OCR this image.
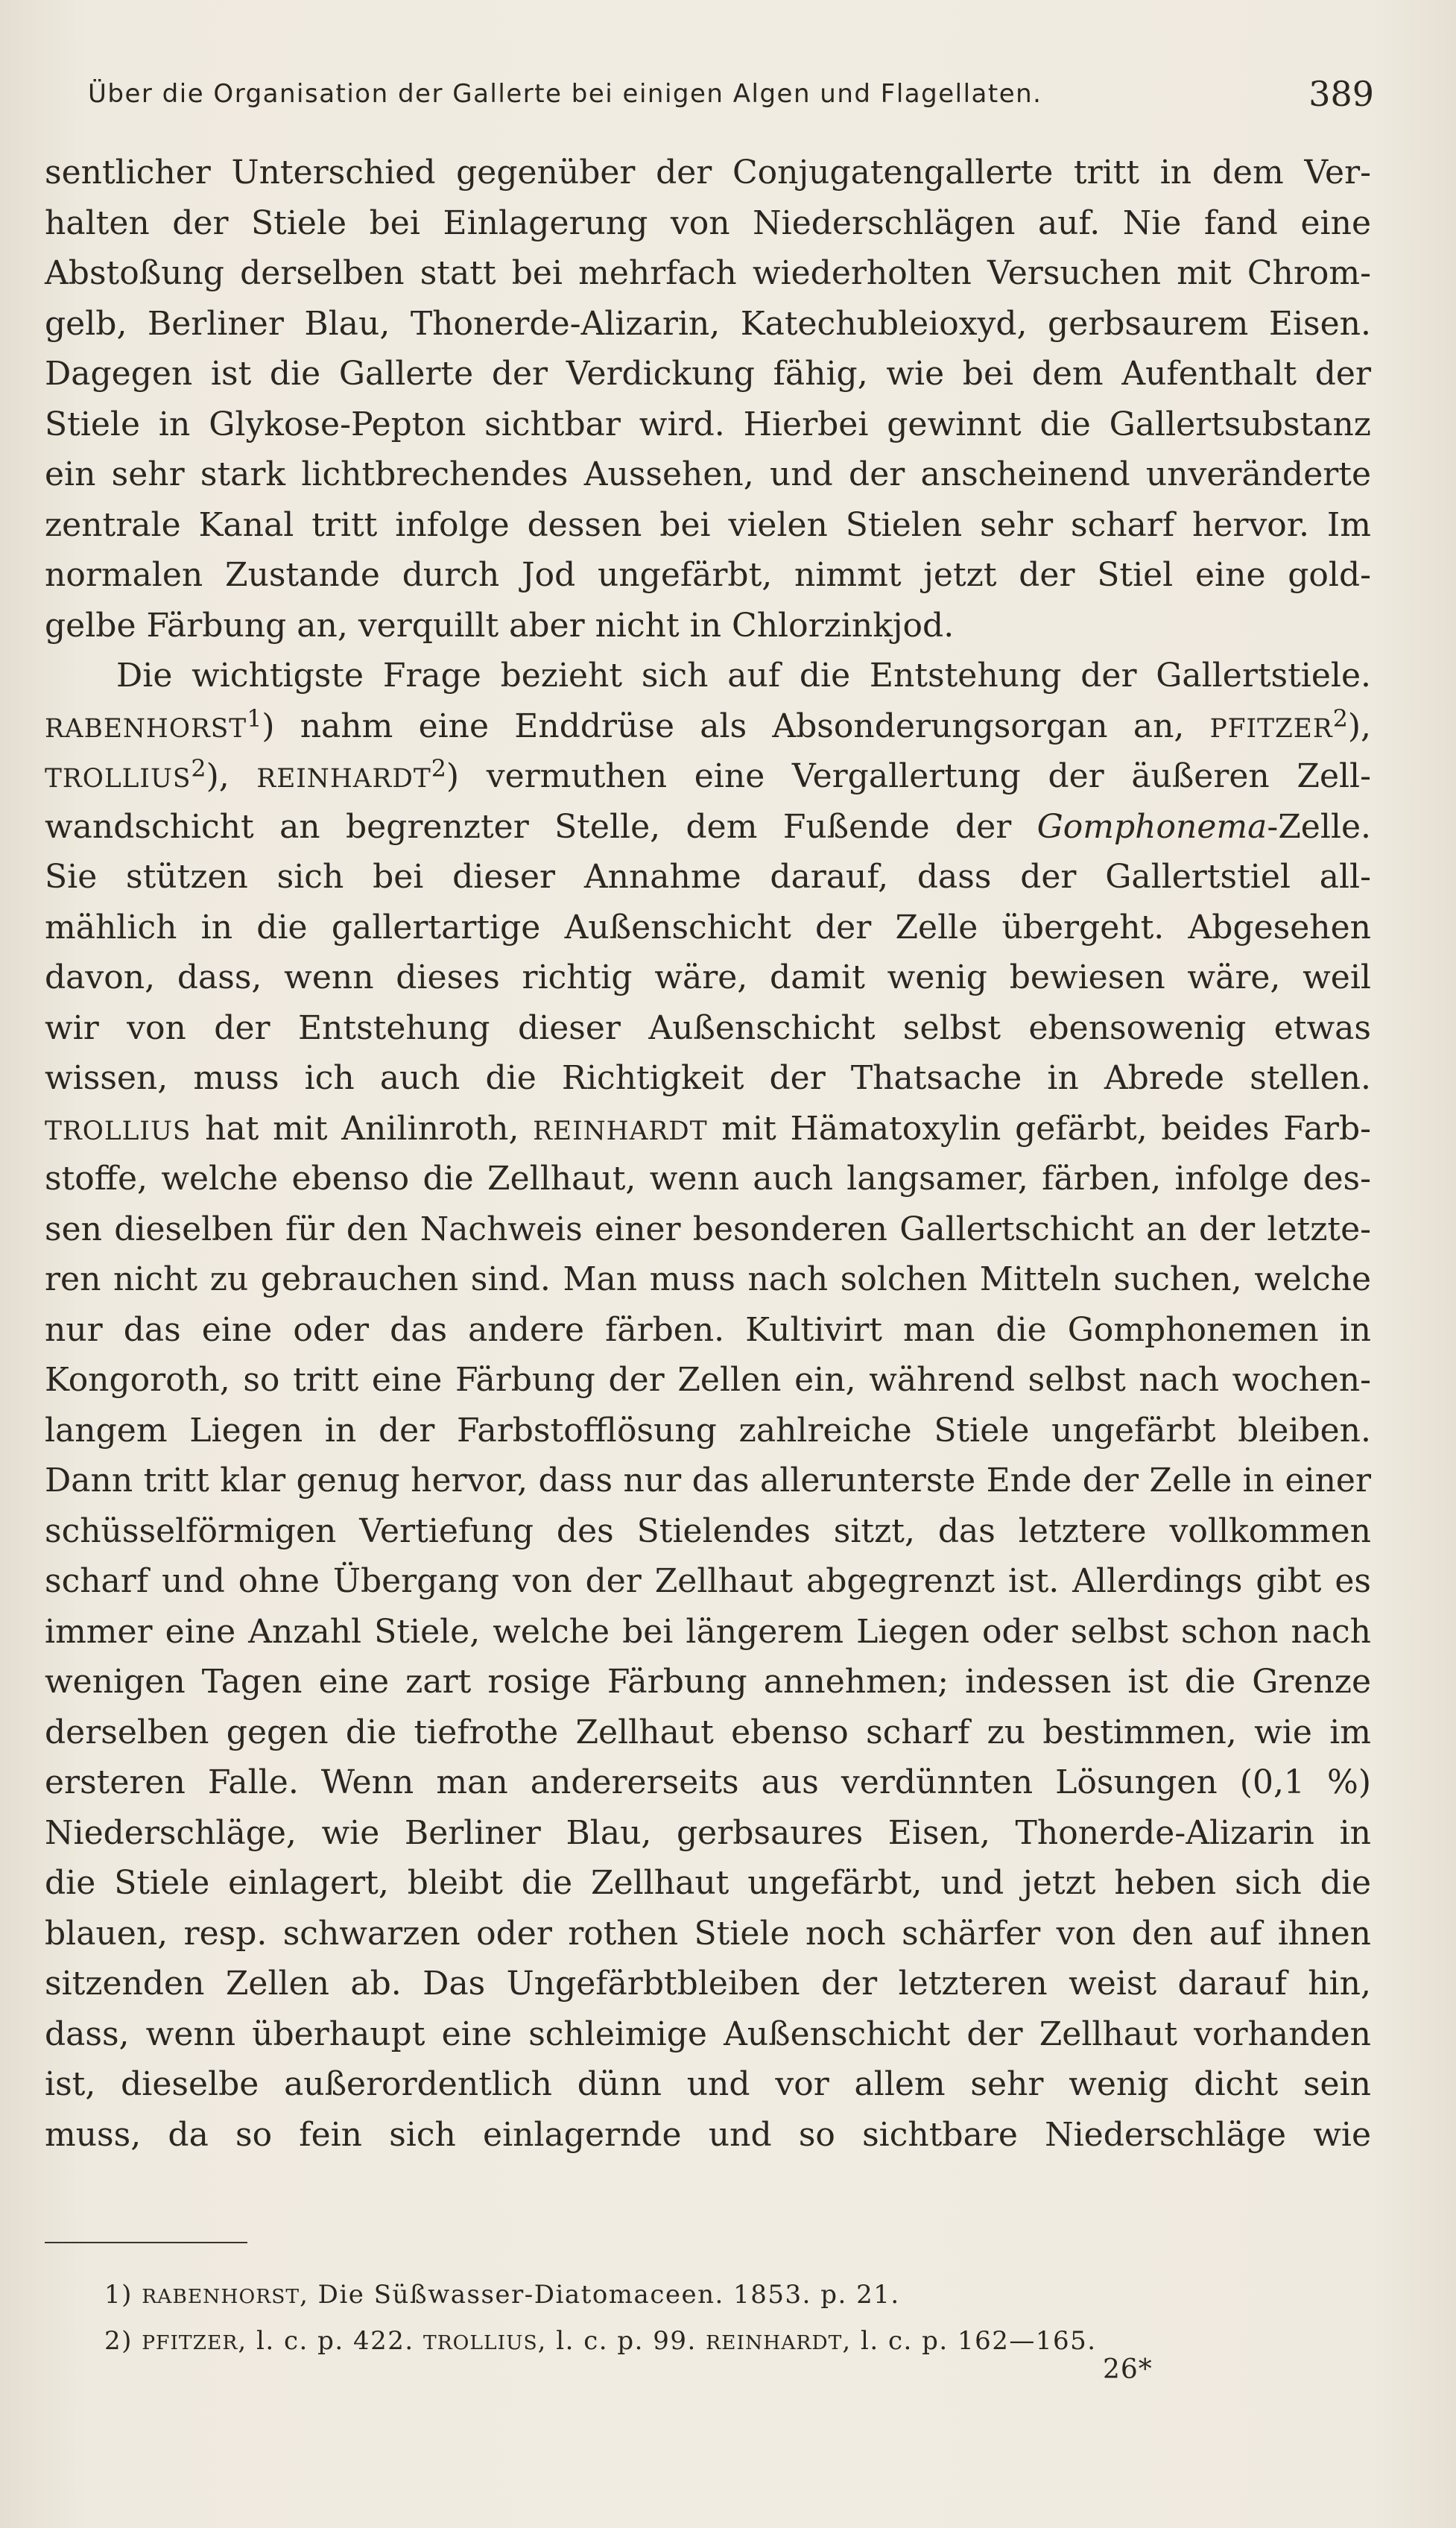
Über die Organisation der Gallerte bei einigen Algen und Flagellaten.	389
sentlicher Unterschied gegenüber der Conjugatengallerte tritt in dem Ver-
halten der Stiele bei Einlagerung von Niederschlägen auf. Nie fand eine
Abstoßung derselben statt bei mehrfach wiederholten Versuchen mit Chrom-
gelb, Berliner Blau, Thonerde-Alizarin, Katechubleioxyd, gerbsaurem Eisen.
Dagegen ist die Gallerte der Verdickung fähig, wie bei dem Aufenthalt der
Stiele in Glykose-Pepton sichtbar wird. Hierbei gewinnt die Gallertsubstanz
ein sehr stark lichtbrechendes Aussehen, und der anscheinend unveränderte
zentrale Kanal tritt infolge dessen bei vielen Stielen sehr scharf hervor. Im
normalen Zustande durch Jod ungefärbt, nimmt jetzt der Stiel eine gold-
gelbe Färbung an, verquillt aber nicht in Chlorzinkjod.
Die wichtigste Frage bezieht sich auf die Entstehung der Gallertstiele.
RABENHORST$^1$) nahm eine Enddrüse als Absonderungsorgan an, PFITZER$^2$),
TROLLIUS$^2$), REINHARDT$^2$) vermuthen eine Vergallertung der äußeren Zell-
wandschicht an begrenzter Stelle, dem Fußende der Gomphonema-Zelle.
Sie stützen sich bei dieser Annahme darauf, dass der Gallertstiel all-
mählich in die gallertartige Außenschicht der Zelle übergeht. Abgesehen
davon, dass, wenn dieses richtig wäre, damit wenig bewiesen wäre, weil
wir von der Entstehung dieser Außenschicht selbst ebensowenig etwas
wissen, muss ich auch die Richtigkeit der Thatsache in Abrede stellen.
TROLLIUS hat mit Anilinroth, REINHARDT mit Hämatoxylin gefärbt, beides Farb-
stoffe, welche ebenso die Zellhaut, wenn auch langsamer, färben, infolge des-
sen dieselben für den Nachweis einer besonderen Gallertschicht an der letzte-
ren nicht zu gebrauchen sind. Man muss nach solchen Mitteln suchen, welche
nur das eine oder das andere färben. Kultivirt man die Gomphonemen in
Kongoroth, so tritt eine Färbung der Zellen ein, während selbst nach wochen-
langem Liegen in der Farbstofflösung zahlreiche Stiele ungefärbt bleiben.
Dann tritt klar genug hervor, dass nur das allerunterste Ende der Zelle in einer
schüsselförmigen Vertiefung des Stielendes sitzt, das letztere vollkommen
scharf und ohne Übergang von der Zellhaut abgegrenzt ist. Allerdings gibt es
immer eine Anzahl Stiele, welche bei längerem Liegen oder selbst schon nach
wenigen Tagen eine zart rosige Färbung annehmen; indessen ist die Grenze
derselben gegen die tiefrothe Zellhaut ebenso scharf zu bestimmen, wie im
ersteren Falle. Wenn man andererseits aus verdünnten Lösungen (0,1 %)
Niederschläge, wie Berliner Blau, gerbsaures Eisen, Thonerde-Alizarin in
die Stiele einlagert, bleibt die Zellhaut ungefärbt, und jetzt heben sich die
blauen, resp. schwarzen oder rothen Stiele noch schärfer von den auf ihnen
sitzenden Zellen ab. Das Ungefärbtbleiben der letzteren weist darauf hin,
dass, wenn überhaupt eine schleimige Außenschicht der Zellhaut vorhanden
ist, dieselbe außerordentlich dünn und vor allem sehr wenig dicht sein
muss, da so fein sich einlagernde und so sichtbare Niederschläge wie
1) RABENHORST, Die Süßwasser-Diatomaceen. 1853. p. 21.
2) PFITZER, l. c. p. 422. TROLLIUS, l. c. p. 99. REINHARDT, l. c. p. 162—165.
26*
